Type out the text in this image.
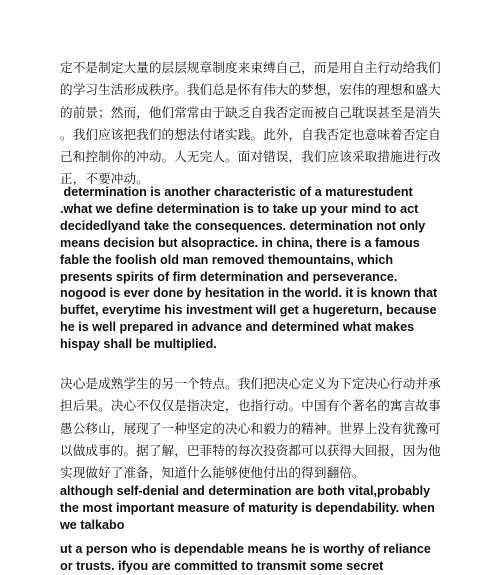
定不是制定大量的层层规章制度来束缚自己，而是用自主行动给我们
的学习生活形成秩序。我们总是怀有伟大的梦想，宏伟的理想和盛大
的前景；然而，他们常常由于缺乏自我否定而被自己耽误甚至是消失
。我们应该把我们的想法付诸实践。此外，自我否定也意味着否定自
己和控制你的冲动。人无完人。面对错误，我们应该采取措施进行改
正，不要冲动。
determination is another characteristic of a maturestudent
.what we define determination is to take up your mind to act
decidedlyand take the consequences. determination not only
means decision but alsopractice. in china, there is a famous
fable the foolish old man removed themountains, which
presents spirits of firm determination and perseverance.
nogood is ever done by hesitation in the world. it is known that
buffet, everytime his investment will get a hugereturn, because
he is well prepared in advance and determined what makes
hispay shall be multiplied.
决心是成熟学生的另一个特点。我们把决心定义为下定决心行动并承
担后果。决心不仅仅是指决定，也指行动。中国有个著名的寓言故事
愚公移山，展现了一种坚定的决心和毅力的精神。世界上没有犹豫可
以做成事的。据了解，巴菲特的每次投资都可以获得大回报，因为他
实现做好了准备，知道什么能够使他付出的得到翻倍。
although self-denial and determination are both vital,probably
the most important measure of maturity is dependability. when
we talkabo
ut a person who is dependable means he is worthy of reliance
or trusts. ifyou are committed to transmit some secret
